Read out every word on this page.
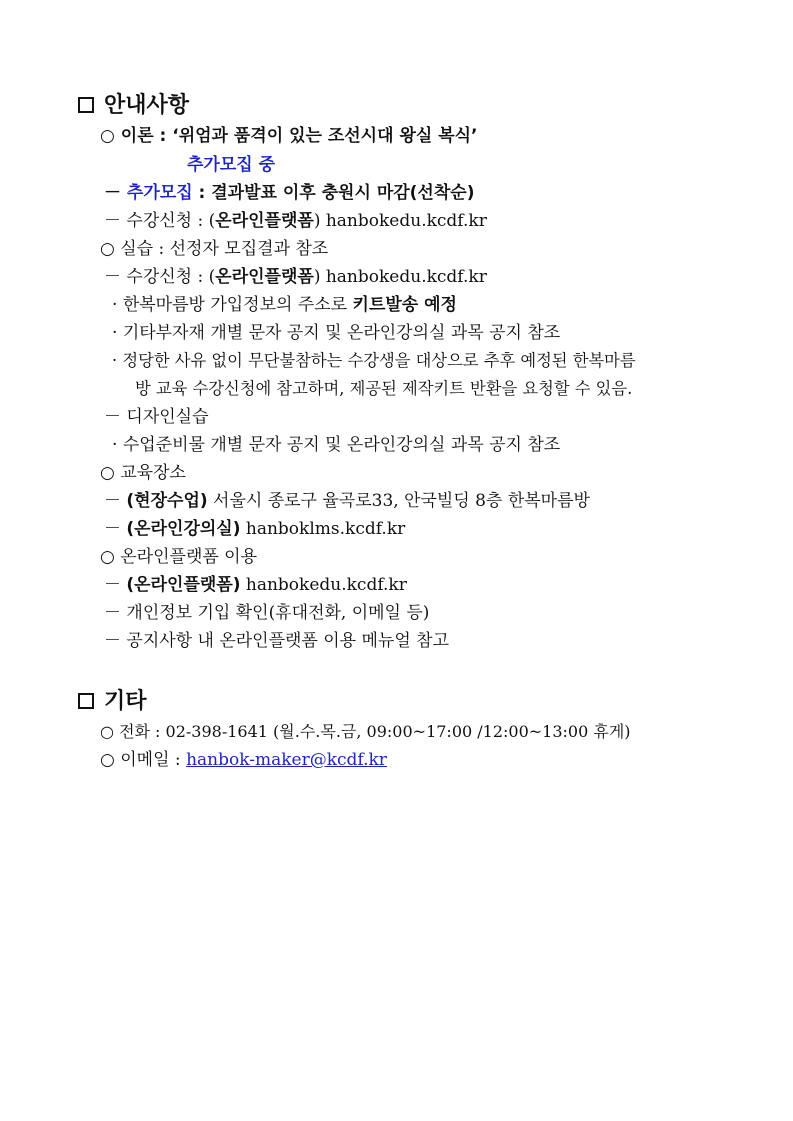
안내사항
○ 이론 : ‘위엄과 품격이 있는 조선시대 왕실 복식’
추가모집 중
－ 추가모집 : 결과발표 이후 충원시 마감(선착순)
－ 수강신청 : (온라인플랫폼) hanbokedu.kcdf.kr
○ 실습 : 선정자 모집결과 참조
－ 수강신청 : (온라인플랫폼) hanbokedu.kcdf.kr
· 한복마름방 가입정보의 주소로 키트발송 예정
· 기타부자재 개별 문자 공지 및 온라인강의실 과목 공지 참조
· 정당한 사유 없이 무단불참하는 수강생을 대상으로 추후 예정된 한복마름
방 교육 수강신청에 참고하며, 제공된 제작키트 반환을 요청할 수 있음.
－ 디자인실습
· 수업준비물 개별 문자 공지 및 온라인강의실 과목 공지 참조
○ 교육장소
－ (현장수업) 서울시 종로구 율곡로33, 안국빌딩 8층 한복마름방
－ (온라인강의실) hanboklms.kcdf.kr
○ 온라인플랫폼 이용
－ (온라인플랫폼) hanbokedu.kcdf.kr
－ 개인정보 기입 확인(휴대전화, 이메일 등)
－ 공지사항 내 온라인플랫폼 이용 메뉴얼 참고
기타
○ 전화 : 02-398-1641 (월.수.목.금, 09:00~17:00 /12:00~13:00 휴게)
○ 이메일 : hanbok-maker@kcdf.kr
